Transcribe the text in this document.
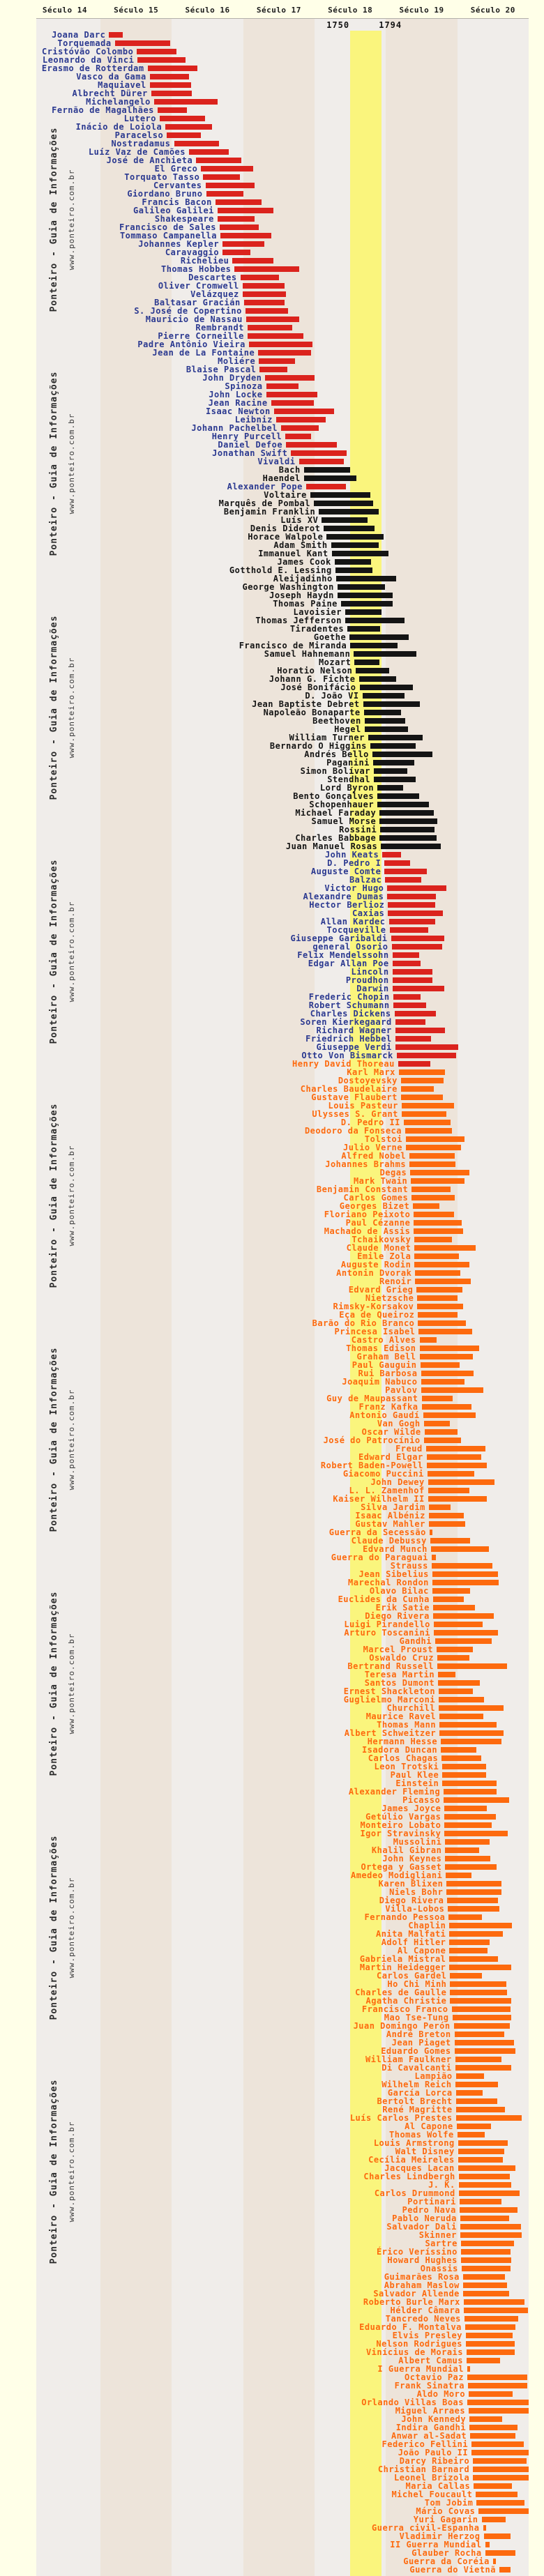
Século 14	Século 15	Século 16	Século 17	Século 18	Século 19	Século 20
1750	1794
Ponteiro - Guia de Informações www.ponteiro.com.br
Ponteiro - Guia de Informações www.ponteiro.com.br
Ponteiro - Guia de Informações www.ponteiro.com.br
Ponteiro - Guia de Informações www.ponteiro.com.br
Ponteiro - Guia de Informações www.ponteiro.com.br
Ponteiro - Guia de Informações www.ponteiro.com.br
Ponteiro - Guia de Informações www.ponteiro.com.br
Ponteiro - Guia de Informações www.ponteiro.com.br
Ponteiro - Guia de Informações www.ponteiro.com.br
Joana Darc
Torquemada
Cristóvão Colombo
Leonardo da Vinci
Erasmo de Rotterdam
Vasco da Gama
Maquiavel
Albrecht Dürer
Michelangelo
Fernão de Magalhães
Lutero
Inácio de Loiola
Paracelso
Nostradamus
Luíz Vaz de Camões
José de Anchieta
El Greco
Torquato Tasso
Cervantes
Giordano Bruno
Francis Bacon
Galileo Galilei
Shakespeare
Francisco de Sales
Tommaso Campanella
Johannes Kepler
Caravaggio
Richelieu
Thomas Hobbes
Descartes
Oliver Cromwell
Velázquez
Baltasar Gracián
S. José de Copertino
Mauricio de Nassau
Rembrandt
Pierre Corneille
Padre Antônio Vieira
Jean de La Fontaine
Moliére
Blaise Pascal
John Dryden
Spinoza
John Locke
Jean Racine
Isaac Newton
Leibniz
Johann Pachelbel
Henry Purcell
Daniel Defoe
Jonathan Swift
Vivaldi
Bach
Haendel
Alexander Pope
Voltaire
Marquês de Pombal
Benjamin Franklin
Luís XV
Denis Diderot
Horace Walpole
Adam Smith
Immanuel Kant
James Cook
Gotthold E. Lessing
Aleijadinho
George Washington
Joseph Haydn
Thomas Paine
Lavoisier
Thomas Jefferson
Tiradentes
Goethe
Francisco de Miranda
Samuel Hahnemann
Mozart
Horatio Nelson
Johann G. Fichte
José Bonifácio
D. João VI
Jean Baptiste Debret
Napoleão Bonaparte
Beethoven
Hegel
William Turner
Bernardo O Higgins
Andrés Bello
Paganini
Simon Bolívar
Stendhal
Lord Byron
Bento Gonçalves
Schopenhauer
Michael Faraday
Samuel Morse
Rossini
Charles Babbage
Juan Manuel Rosas
John Keats
D. Pedro I
Auguste Comte
Balzac
Victor Hugo
Alexandre Dumas
Hector Berlioz
Caxias
Allan Kardec
Tocqueville
Giuseppe Garibaldi
general Osorio
Felix Mendelssohn
Edgar Allan Poe
Lincoln
Proudhon
Darwin
Frederic Chopin
Robert Schumann
Charles Dickens
Soren Kierkegaard
Richard Wagner
Friedrich Hebbel
Giuseppe Verdi
Otto Von Bismarck
Henry David Thoreau
Karl Marx
Dostoyevsky
Charles Baudelaire
Gustave Flaubert
Louis Pasteur
Ulysses S. Grant
D. Pedro II
Deodoro da Fonseca
Tolstoi
Julio Verne
Alfred Nobel
Johannes Brahms
Degas
Mark Twain
Benjamin Constant
Carlos Gomes
Georges Bizet
Floriano Peixoto
Paul Cézanne
Machado de Assis
Tchaikovsky
Claude Monet
Émile Zola
Auguste Rodin
Antonin Dvorak
Renoir
Edvard Grieg
Nietzsche
Rimsky-Korsakov
Eça de Queiroz
Barão do Rio Branco
Princesa Isabel
Castro Alves
Thomas Edison
Graham Bell
Paul Gauguin
Rui Barbosa
Joaquim Nabuco
Pavlov
Guy de Maupassant
Franz Kafka
Antonio Gaudí
Van Gogh
Oscar Wilde
José do Patrocínio
Freud
Edward Elgar
Robert Baden-Powell
Giacomo Puccini
John Dewey
L. L. Zamenhof
Kaiser Wilhelm II
Silva Jardim
Isaac Albéniz
Gustav Mahler
Guerra da Secessão
Claude Debussy
Edvard Munch
Guerra do Paraguai
Strauss
Jean Sibelius
Marechal Rondon
Olavo Bilac
Euclides da Cunha
Erik Satie
Diego Rivera
Luigi Pirandello
Arturo Toscanini
Gandhi
Marcel Proust
Oswaldo Cruz
Bertrand Russell
Teresa Martin
Santos Dumont
Ernest Shackleton
Guglielmo Marconi
Churchill
Maurice Ravel
Thomas Mann
Albert Schweitzer
Hermann Hesse
Isadora Duncan
Carlos Chagas
Leon Trotski
Paul Klee
Einstein
Alexander Fleming
Picasso
James Joyce
Getúlio Vargas
Monteiro Lobato
Igor Stravinsky
Mussolini
Khalil Gibran
John Keynes
Ortega y Gasset
Amedeo Modigliani
Karen Blixen
Niels Bohr
Diego Rivera
Villa-Lobos
Fernando Pessoa
Chaplin
Anita Malfati
Adolf Hitler
Al Capone
Gabriela Mistral
Martin Heidegger
Carlos Gardel
Ho Chi Minh
Charles de Gaulle
Agatha Christie
Francisco Franco
Mao Tse-Tung
Juan Domingo Perón
André Breton
Jean Piaget
Eduardo Gomes
William Faulkner
Di Cavalcanti
Lampião
Wilhelm Reich
García Lorca
Bertolt Brecht
René Magritte
Luís Carlos Prestes
Al Capone
Thomas Wolfe
Louis Armstrong
Walt Disney
Cecília Meireles
Jacques Lacan
Charles Lindbergh
J. K.
Carlos Drummond
Portinari
Pedro Nava
Pablo Neruda
Salvador Dali
Skinner
Sartre
Érico Veríssino
Howard Hughes
Onassis
Guimarães Rosa
Abraham Maslow
Salvador Allende
Roberto Burle Marx
Hélder Câmara
Tancredo Neves
Eduardo F. Montalva
Elvis Presley
Nelson Rodrigues
Vinícius de Morais
Albert Camus
I Guerra Mundial
Octavio Paz
Frank Sinatra
Aldo Moro
Orlando Villas Boas
Miguel Arraes
John Kennedy
Indira Gandhi
Anwar al-Sadat
Federico Fellini
João Paulo II
Darcy Ribeiro
Christian Barnard
Leonel Brizola
Maria Callas
Michel Foucault
Tom Jobim
Mário Covas
Yuri Gagarin
Guerra civil-Espanha
Vladimir Herzog
II Guerra Mundial
Glauber Rocha
Guerra da Coréia
Guerra do Vietnã
